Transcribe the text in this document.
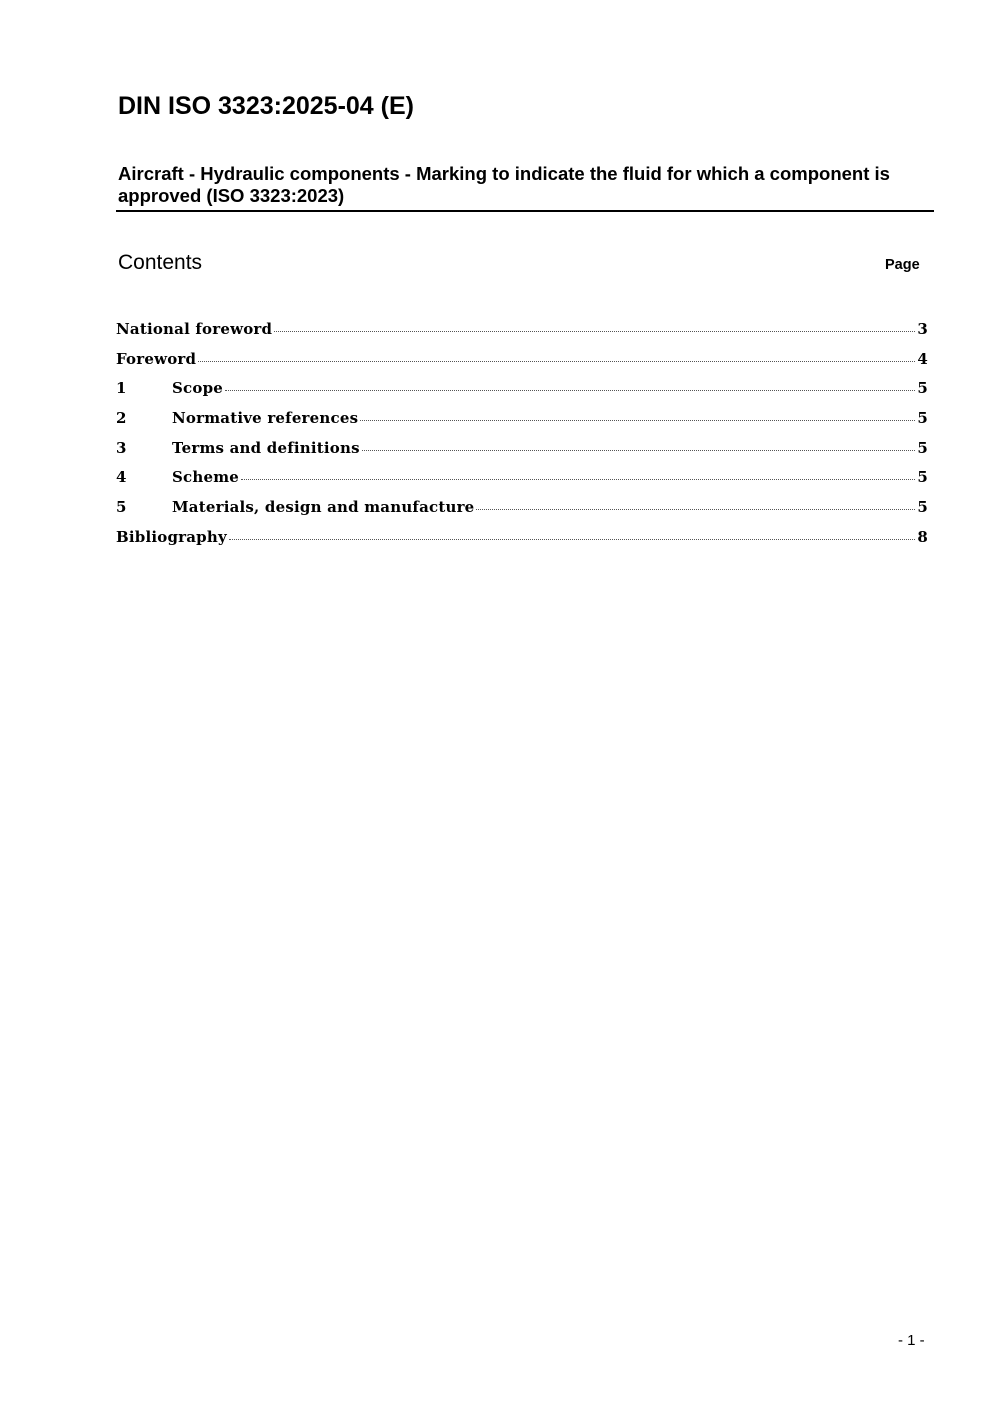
DIN ISO 3323:2025-04 (E)
Aircraft - Hydraulic components - Marking to indicate the fluid for which a component is approved (ISO 3323:2023)
Contents	Page
National foreword	3
Foreword	4
1	Scope	5
2	Normative references	5
3	Terms and definitions	5
4	Scheme	5
5	Materials, design and manufacture	5
Bibliography	8
- 1 -
